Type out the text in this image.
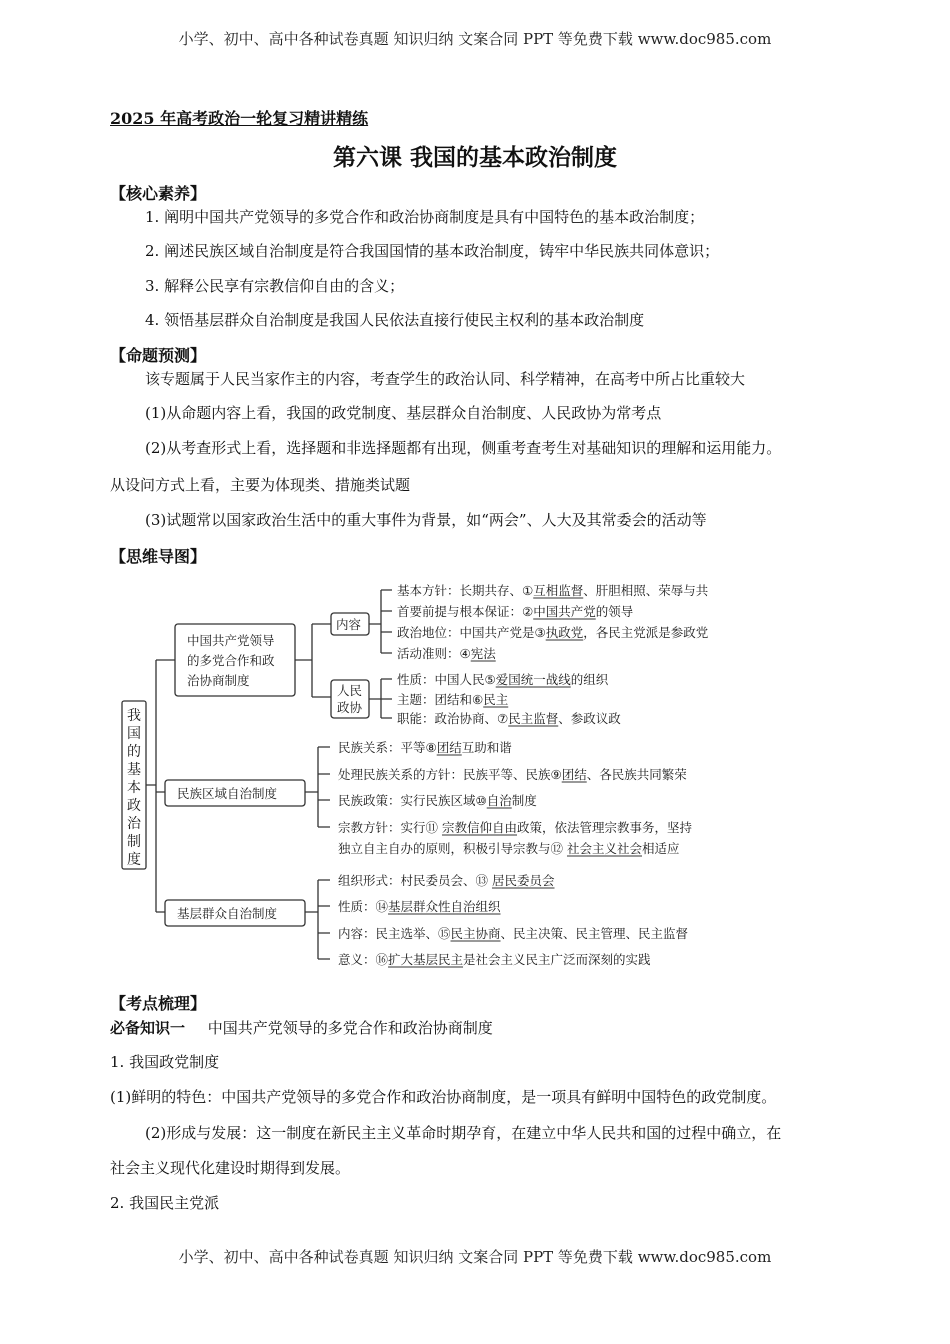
小学、初中、高中各种试卷真题 知识归纳 文案合同 PPT 等免费下载 www.doc985.com
2025 年高考政治一轮复习精讲精练
第六课 我国的基本政治制度
【核心素养】
1. 阐明中国共产党领导的多党合作和政治协商制度是具有中国特色的基本政治制度；
2. 阐述民族区域自治制度是符合我国国情的基本政治制度，铸牢中华民族共同体意识；
3. 解释公民享有宗教信仰自由的含义；
4. 领悟基层群众自治制度是我国人民依法直接行使民主权利的基本政治制度
【命题预测】
该专题属于人民当家作主的内容，考查学生的政治认同、科学精神，在高考中所占比重较大
(1)从命题内容上看，我国的政党制度、基层群众自治制度、人民政协为常考点
(2)从考查形式上看，选择题和非选择题都有出现，侧重考查考生对基础知识的理解和运用能力。
从设问方式上看，主要为体现类、措施类试题
(3)试题常以国家政治生活中的重大事件为背景，如“两会”、人大及其常委会的活动等
【思维导图】
我
国
的
基
本
政
治
制
度
中国共产党领导
的多党合作和政
治协商制度
内容
基本方针：长期共存、①互相监督、肝胆相照、荣辱与共
首要前提与根本保证：②中国共产党的领导
政治地位：中国共产党是③执政党，各民主党派是参政党
活动准则：④宪法
人民
政协
性质：中国人民⑤爱国统一战线的组织
主题：团结和⑥民主
职能：政治协商、⑦民主监督、参政议政
民族区域自治制度
民族关系：平等⑧团结互助和谐
处理民族关系的方针：民族平等、民族⑨团结、各民族共同繁荣
民族政策：实行民族区域⑩自治制度
宗教方针：实行⑪ 宗教信仰自由政策，依法管理宗教事务，坚持
独立自主自办的原则，积极引导宗教与⑫ 社会主义社会相适应
基层群众自治制度
组织形式：村民委员会、⑬ 居民委员会
性质：⑭基层群众性自治组织
内容：民主选举、⑮民主协商、民主决策、民主管理、民主监督
意义：⑯扩大基层民主是社会主义民主广泛而深刻的实践
【考点梳理】
必备知识一 中国共产党领导的多党合作和政治协商制度
1. 我国政党制度
(1)鲜明的特色：中国共产党领导的多党合作和政治协商制度，是一项具有鲜明中国特色的政党制度。
(2)形成与发展：这一制度在新民主主义革命时期孕育，在建立中华人民共和国的过程中确立，在
社会主义现代化建设时期得到发展。
2. 我国民主党派
小学、初中、高中各种试卷真题 知识归纳 文案合同 PPT 等免费下载 www.doc985.com
